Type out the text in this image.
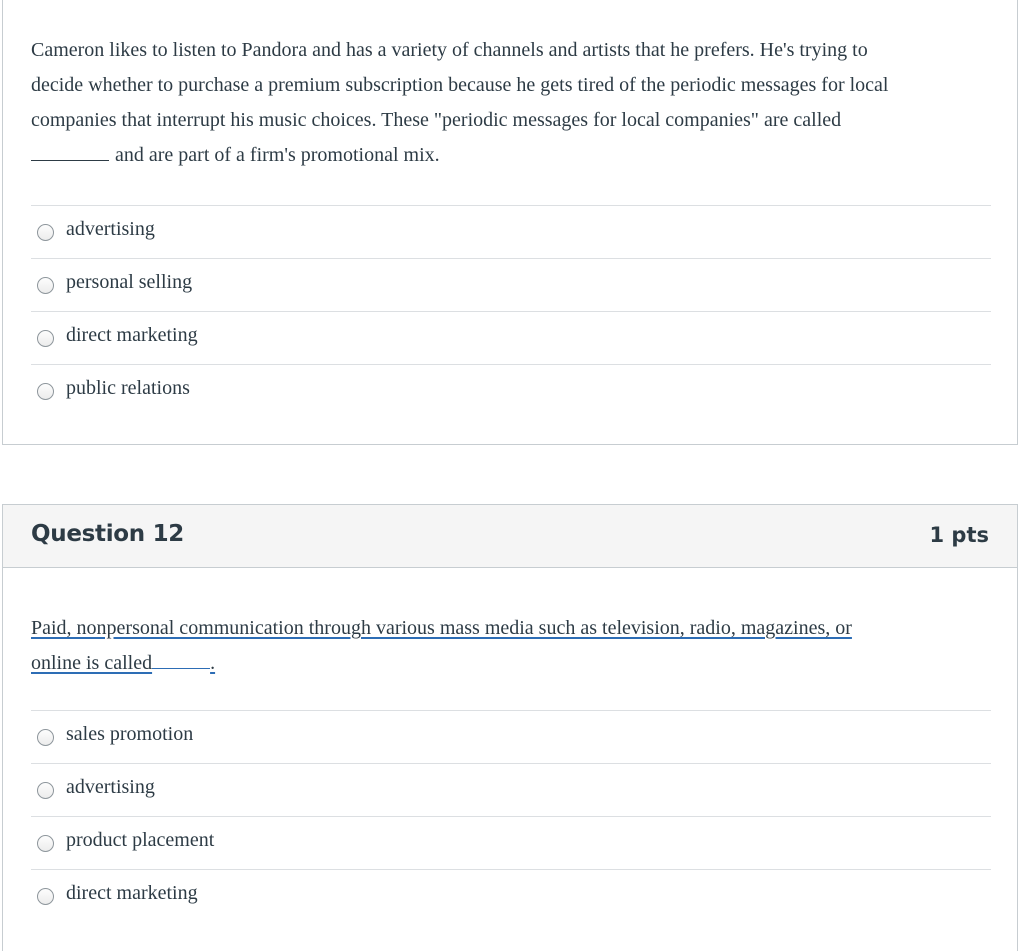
Cameron likes to listen to Pandora and has a variety of channels and artists that he prefers. He's trying to
decide whether to purchase a premium subscription because he gets tired of the periodic messages for local
companies that interrupt his music choices. These "periodic messages for local companies" are called
and are part of a firm's promotional mix.
advertising
personal selling
direct marketing
public relations
Question 12	1 pts
Paid, nonpersonal communication through various mass media such as television, radio, magazines, or
online is called	.
sales promotion
advertising
product placement
direct marketing
